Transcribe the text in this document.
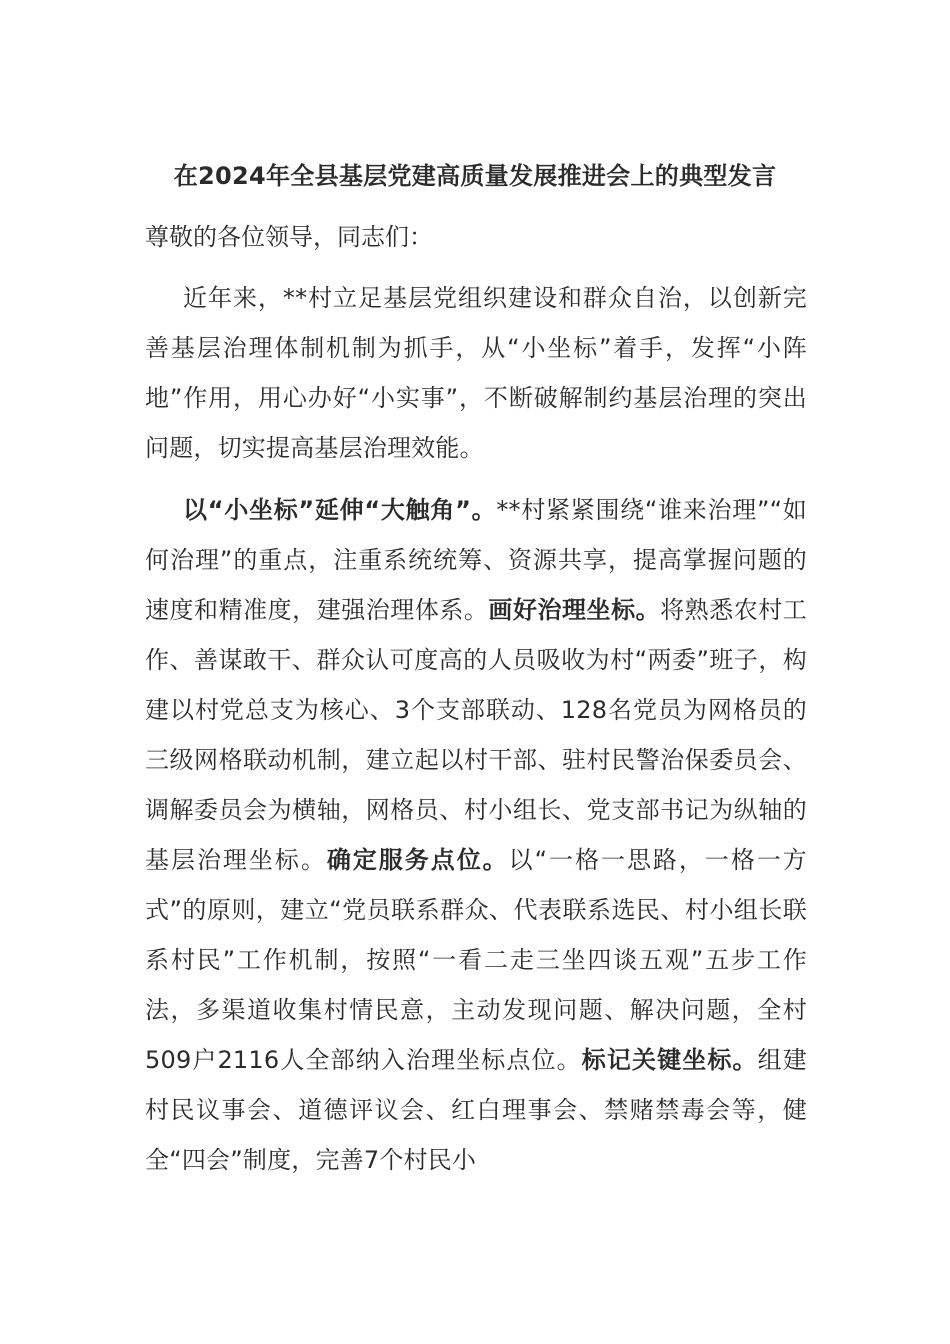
在2024年全县基层党建高质量发展推进会上的典型发言
尊敬的各位领导，同志们：

近年来，**村立足基层党组织建设和群众自治，以创新完善基层治理体制机制为抓手，从“小坐标”着手，发挥“小阵地”作用，用心办好“小实事”，不断破解制约基层治理的突出问题，切实提高基层治理效能。

以“小坐标”延伸“大触角”。**村紧紧围绕“谁来治理”“如何治理”的重点，注重系统统筹、资源共享，提高掌握问题的速度和精准度，建强治理体系。画好治理坐标。将熟悉农村工作、善谋敢干、群众认可度高的人员吸收为村“两委”班子，构建以村党总支为核心、3个支部联动、128名党员为网格员的三级网格联动机制，建立起以村干部、驻村民警治保委员会、调解委员会为横轴，网格员、村小组长、党支部书记为纵轴的基层治理坐标。确定服务点位。以“一格一思路，一格一方式”的原则，建立“党员联系群众、代表联系选民、村小组长联系村民”工作机制，按照“一看二走三坐四谈五观”五步工作法，多渠道收集村情民意，主动发现问题、解决问题，全村509户2116人全部纳入治理坐标点位。标记关键坐标。组建村民议事会、道德评议会、红白理事会、禁赌禁毒会等，健全“四会”制度，完善7个村民小
